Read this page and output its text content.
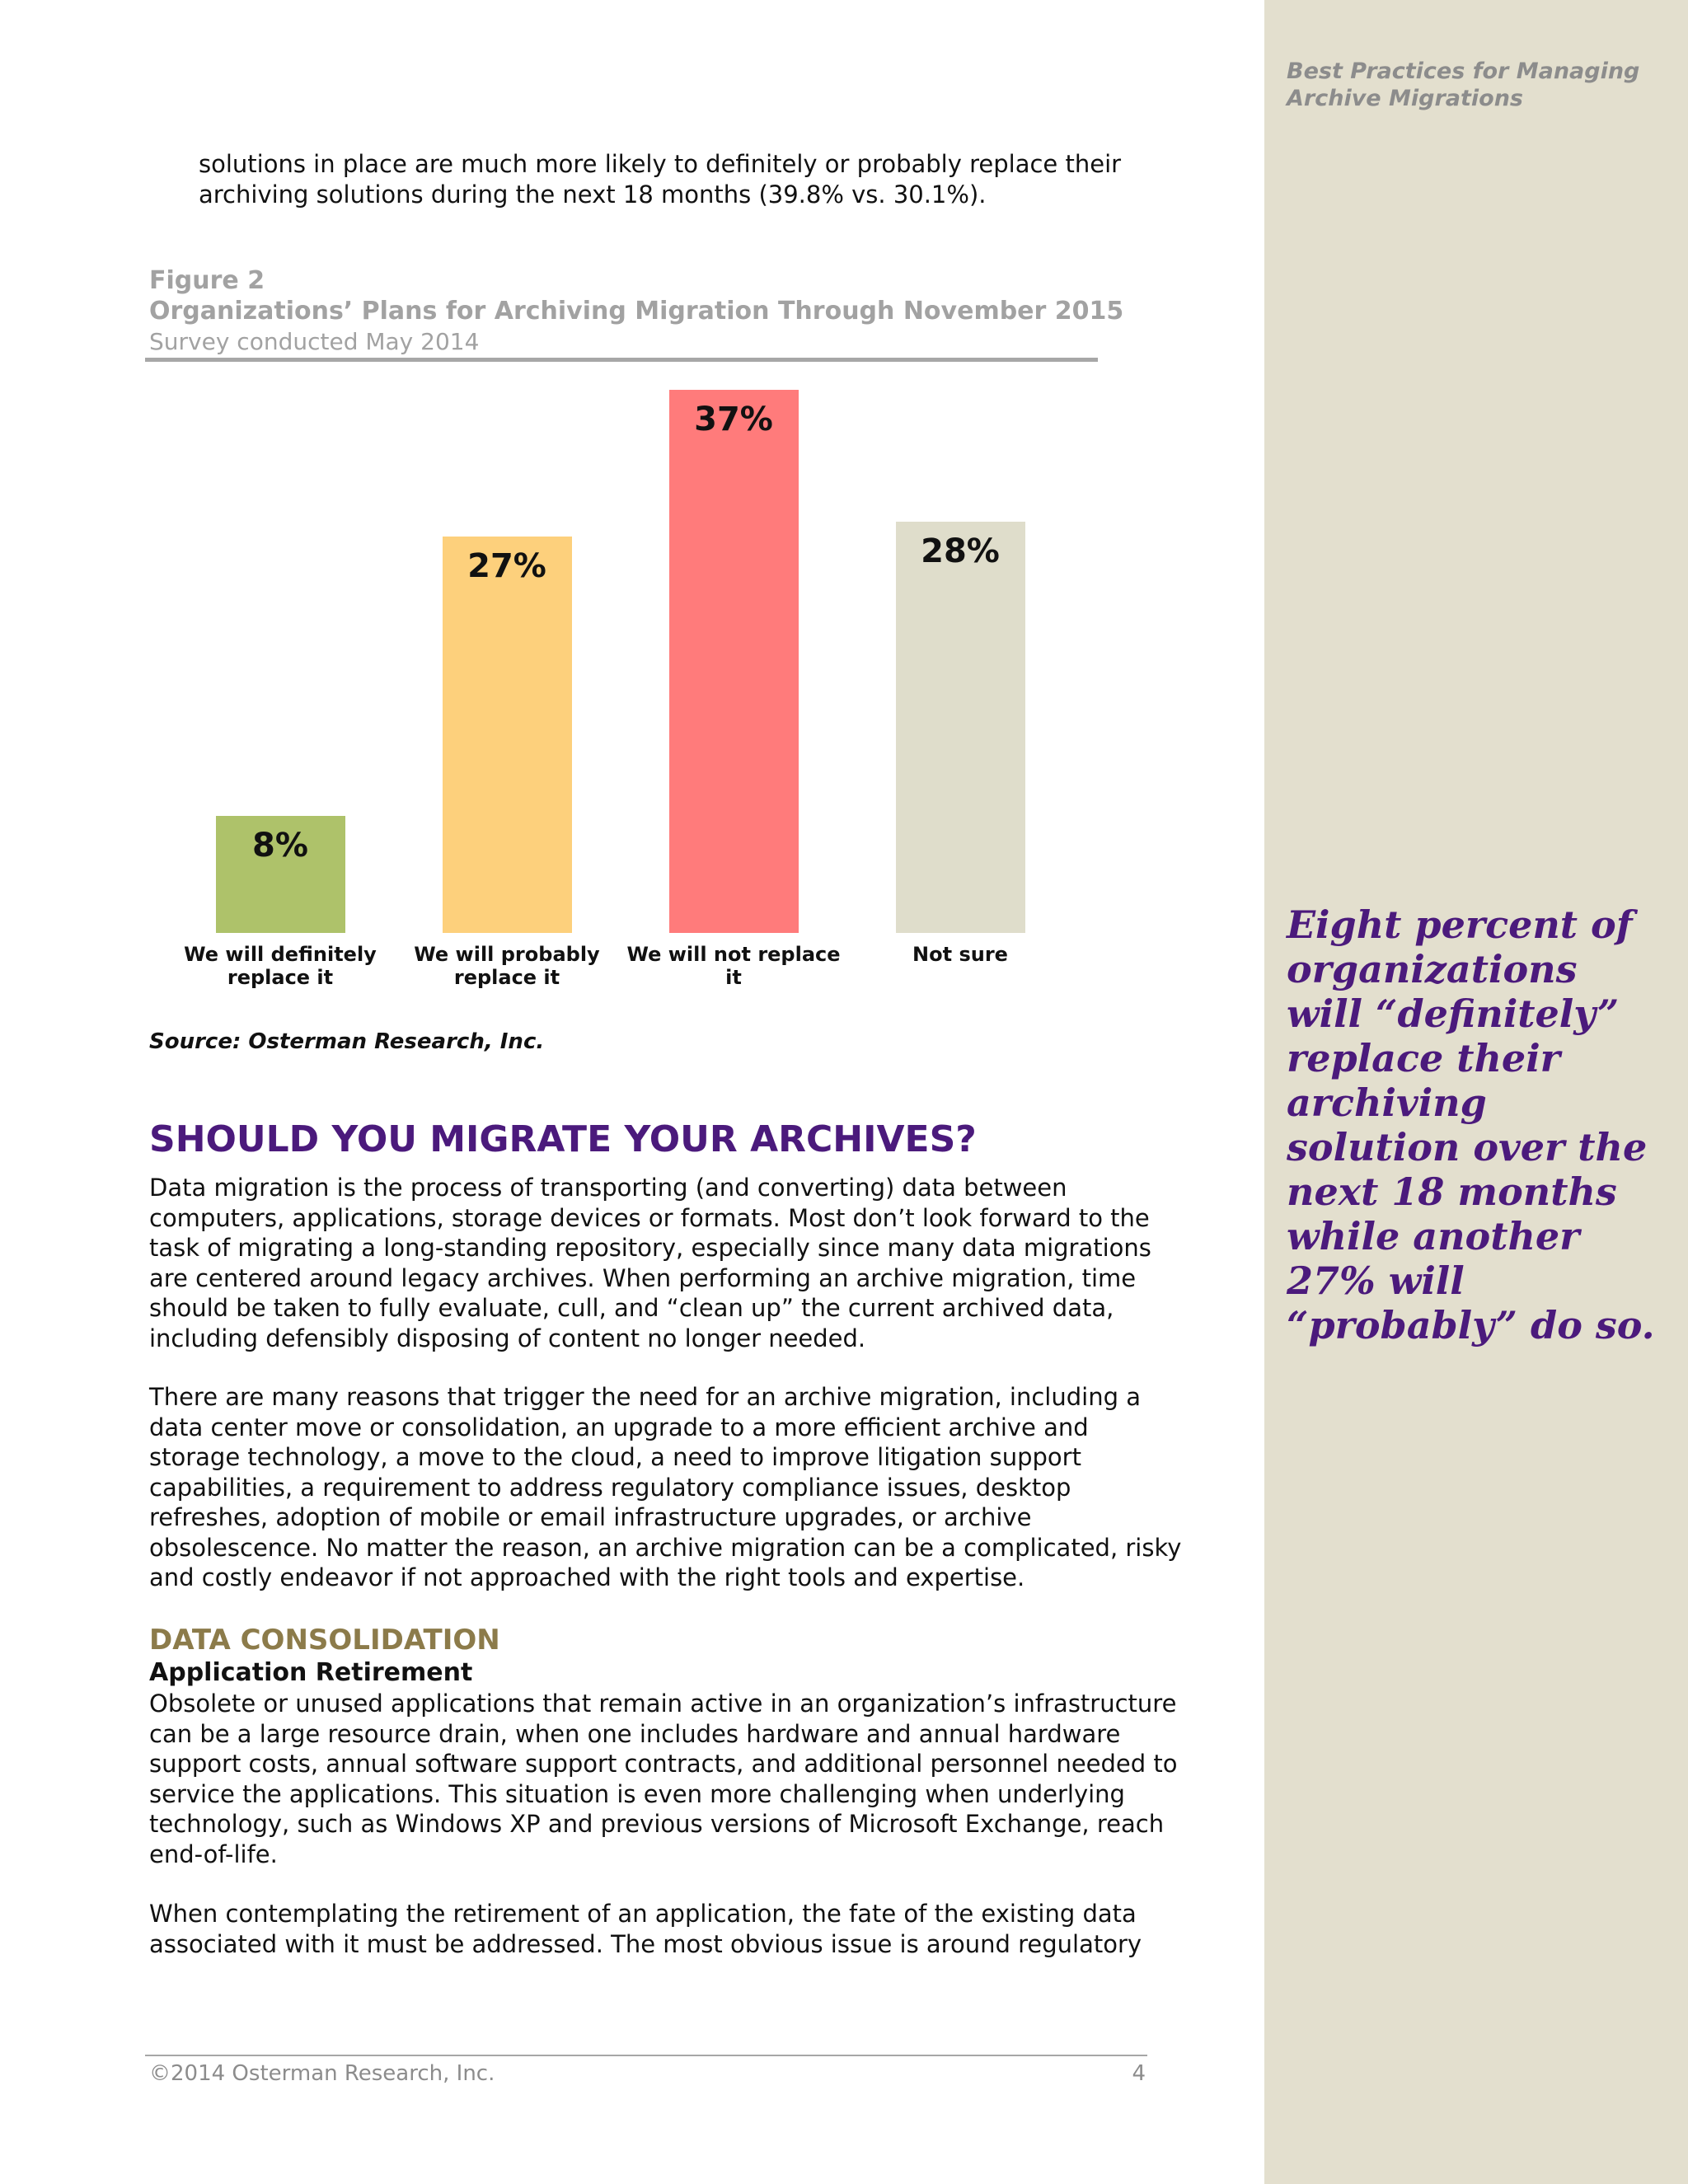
Best Practices for Managing
Archive Migrations
Eight percent of
organizations
will “definitely”
replace their
archiving
solution over the
next 18 months
while another
27% will
“probably” do so.
solutions in place are much more likely to definitely or probably replace their
archiving solutions during the next 18 months (39.8% vs. 30.1%).
Figure 2
Organizations’ Plans for Archiving Migration Through November 2015
Survey conducted May 2014
8%
We will definitely
replace it
27%
We will probably
replace it
37%
We will not replace it
28%
Not sure
Source: Osterman Research, Inc.
SHOULD YOU MIGRATE YOUR ARCHIVES?
Data migration is the process of transporting (and converting) data between
computers, applications, storage devices or formats. Most don’t look forward to the
task of migrating a long-standing repository, especially since many data migrations
are centered around legacy archives. When performing an archive migration, time
should be taken to fully evaluate, cull, and “clean up” the current archived data,
including defensibly disposing of content no longer needed.
There are many reasons that trigger the need for an archive migration, including a
data center move or consolidation, an upgrade to a more efficient archive and
storage technology, a move to the cloud, a need to improve litigation support
capabilities, a requirement to address regulatory compliance issues, desktop
refreshes, adoption of mobile or email infrastructure upgrades, or archive
obsolescence. No matter the reason, an archive migration can be a complicated, risky
and costly endeavor if not approached with the right tools and expertise.
DATA CONSOLIDATION
Application Retirement
Obsolete or unused applications that remain active in an organization’s infrastructure
can be a large resource drain, when one includes hardware and annual hardware
support costs, annual software support contracts, and additional personnel needed to
service the applications. This situation is even more challenging when underlying
technology, such as Windows XP and previous versions of Microsoft Exchange, reach
end-of-life.
When contemplating the retirement of an application, the fate of the existing data
associated with it must be addressed. The most obvious issue is around regulatory
©2014 Osterman Research, Inc.	4
